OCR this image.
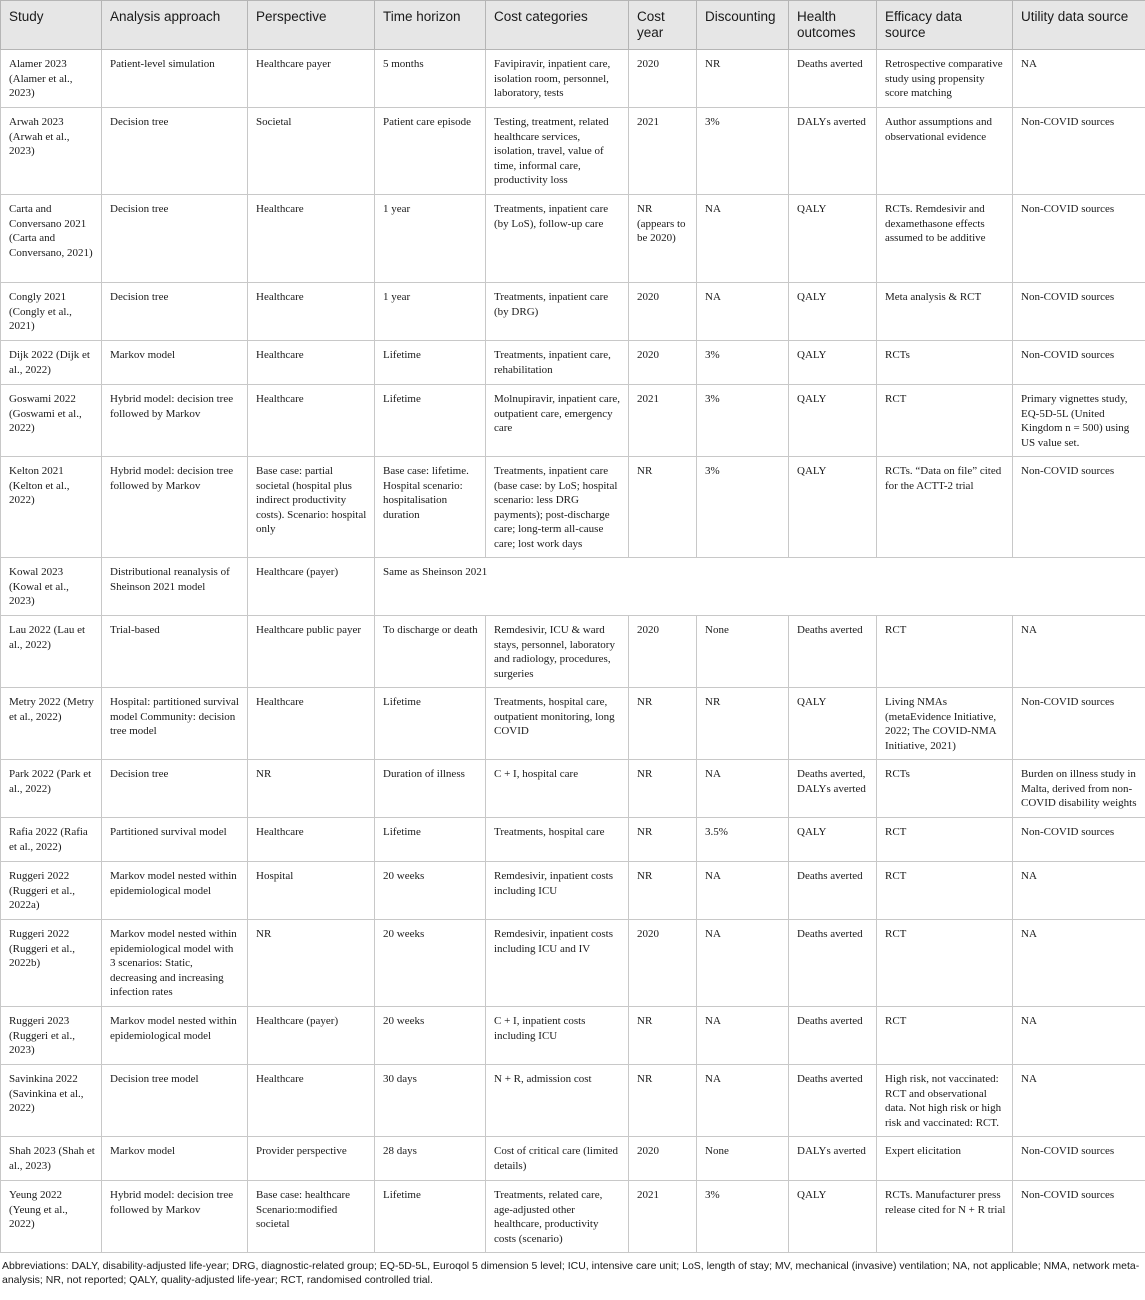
Study	Analysis approach	Perspective	Time horizon	Cost categories	Cost year	Discounting	Health outcomes	Efficacy data source	Utility data source
Alamer 2023 (Alamer et al., 2023)	Patient-level simulation	Healthcare payer	5 months	Favipiravir, inpatient care, isolation room, personnel, laboratory, tests	2020	NR	Deaths averted	Retrospective comparative study using propensity score matching	NA
Arwah 2023 (Arwah et al., 2023)	Decision tree	Societal	Patient care episode	Testing, treatment, related healthcare services, isolation, travel, value of time, informal care, productivity loss	2021	3%	DALYs averted	Author assumptions and observational evidence	Non-COVID sources
Carta and Conversano 2021 (Carta and Conversano, 2021)	Decision tree	Healthcare	1 year	Treatments, inpatient care (by LoS), follow-up care	NR (appears to be 2020)	NA	QALY	RCTs. Remdesivir and dexamethasone effects assumed to be additive	Non-COVID sources
Congly 2021 (Congly et al., 2021)	Decision tree	Healthcare	1 year	Treatments, inpatient care (by DRG)	2020	NA	QALY	Meta analysis & RCT	Non-COVID sources
Dijk 2022 (Dijk et al., 2022)	Markov model	Healthcare	Lifetime	Treatments, inpatient care, rehabilitation	2020	3%	QALY	RCTs	Non-COVID sources
Goswami 2022 (Goswami et al., 2022)	Hybrid model: decision tree followed by Markov	Healthcare	Lifetime	Molnupiravir, inpatient care, outpatient care, emergency care	2021	3%	QALY	RCT	Primary vignettes study, EQ-5D-5L (United Kingdom n = 500) using US value set.
Kelton 2021 (Kelton et al., 2022)	Hybrid model: decision tree followed by Markov	Base case: partial societal (hospital plus indirect productivity costs). Scenario: hospital only	Base case: lifetime. Hospital scenario: hospitalisation duration	Treatments, inpatient care (base case: by LoS; hospital scenario: less DRG payments); post-discharge care; long-term all-cause care; lost work days	NR	3%	QALY	RCTs. “Data on file” cited for the ACTT-2 trial	Non-COVID sources
Kowal 2023 (Kowal et al., 2023)	Distributional reanalysis of Sheinson 2021 model	Healthcare (payer)	Same as Sheinson 2021						
Lau 2022 (Lau et al., 2022)	Trial-based	Healthcare public payer	To discharge or death	Remdesivir, ICU & ward stays, personnel, laboratory and radiology, procedures, surgeries	2020	None	Deaths averted	RCT	NA
Metry 2022 (Metry et al., 2022)	Hospital: partitioned survival model Community: decision tree model	Healthcare	Lifetime	Treatments, hospital care, outpatient monitoring, long COVID	NR	NR	QALY	Living NMAs (metaEvidence Initiative, 2022; The COVID-NMA Initiative, 2021)	Non-COVID sources
Park 2022 (Park et al., 2022)	Decision tree	NR	Duration of illness	C + I, hospital care	NR	NA	Deaths averted, DALYs averted	RCTs	Burden on illness study in Malta, derived from non-COVID disability weights
Rafia 2022 (Rafia et al., 2022)	Partitioned survival model	Healthcare	Lifetime	Treatments, hospital care	NR	3.5%	QALY	RCT	Non-COVID sources
Ruggeri 2022 (Ruggeri et al., 2022a)	Markov model nested within epidemiological model	Hospital	20 weeks	Remdesivir, inpatient costs including ICU	NR	NA	Deaths averted	RCT	NA
Ruggeri 2022 (Ruggeri et al., 2022b)	Markov model nested within epidemiological model with 3 scenarios: Static, decreasing and increasing infection rates	NR	20 weeks	Remdesivir, inpatient costs including ICU and IV	2020	NA	Deaths averted	RCT	NA
Ruggeri 2023 (Ruggeri et al., 2023)	Markov model nested within epidemiological model	Healthcare (payer)	20 weeks	C + I, inpatient costs including ICU	NR	NA	Deaths averted	RCT	NA
Savinkina 2022 (Savinkina et al., 2022)	Decision tree model	Healthcare	30 days	N + R, admission cost	NR	NA	Deaths averted	High risk, not vaccinated: RCT and observational data. Not high risk or high risk and vaccinated: RCT.	NA
Shah 2023 (Shah et al., 2023)	Markov model	Provider perspective	28 days	Cost of critical care (limited details)	2020	None	DALYs averted	Expert elicitation	Non-COVID sources
Yeung 2022 (Yeung et al., 2022)	Hybrid model: decision tree followed by Markov	Base case: healthcare Scenario:modified societal	Lifetime	Treatments, related care, age-adjusted other healthcare, productivity costs (scenario)	2021	3%	QALY	RCTs. Manufacturer press release cited for N + R trial	Non-COVID sources
Abbreviations: DALY, disability-adjusted life-year; DRG, diagnostic-related group; EQ-5D-5L, Euroqol 5 dimension 5 level; ICU, intensive care unit; LoS, length of stay; MV, mechanical (invasive) ventilation; NA, not applicable; NMA, network meta-analysis; NR, not reported; QALY, quality-adjusted life-year; RCT, randomised controlled trial.
